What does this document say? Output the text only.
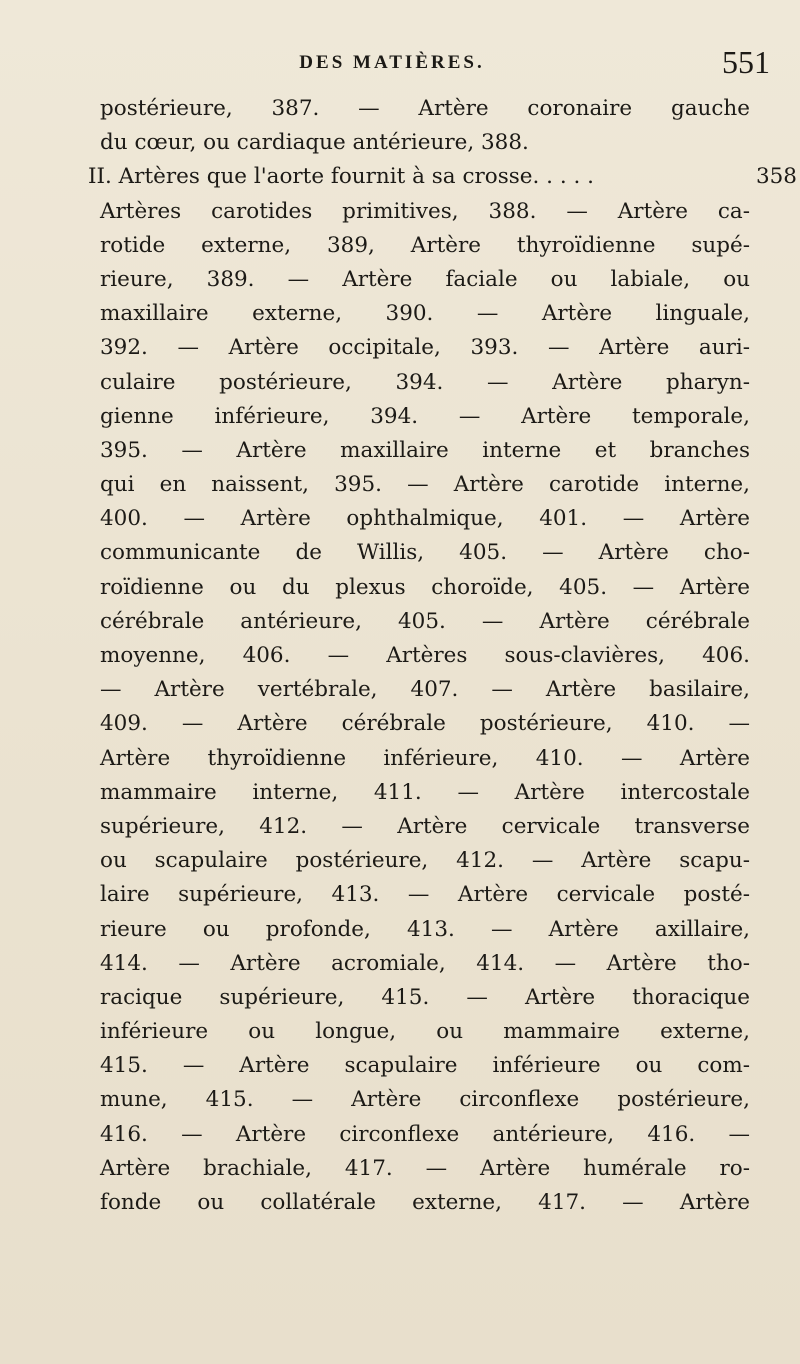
DES MATIÈRES.	551
postérieure, 387. — Artère coronaire gauche
du cœur, ou cardiaque antérieure, 388.
II. Artères que l'aorte fournit à sa crosse. . . . .	358
Artères carotides primitives, 388. — Artère ca-
rotide externe, 389, Artère thyroïdienne supé-
rieure, 389. — Artère faciale ou labiale, ou
maxillaire externe, 390. — Artère linguale,
392. — Artère occipitale, 393. — Artère auri-
culaire postérieure, 394. — Artère pharyn-
gienne inférieure, 394. — Artère temporale,
395. — Artère maxillaire interne et branches
qui en naissent, 395. — Artère carotide interne,
400. — Artère ophthalmique, 401. — Artère
communicante de Willis, 405. — Artère cho-
roïdienne ou du plexus choroïde, 405. — Artère
cérébrale antérieure, 405. — Artère cérébrale
moyenne, 406. — Artères sous-clavières, 406.
— Artère vertébrale, 407. — Artère basilaire,
409. — Artère cérébrale postérieure, 410. —
Artère thyroïdienne inférieure, 410. — Artère
mammaire interne, 411. — Artère intercostale
supérieure, 412. — Artère cervicale transverse
ou scapulaire postérieure, 412. — Artère scapu-
laire supérieure, 413. — Artère cervicale posté-
rieure ou profonde, 413. — Artère axillaire,
414. — Artère acromiale, 414. — Artère tho-
racique supérieure, 415. — Artère thoracique
inférieure ou longue, ou mammaire externe,
415. — Artère scapulaire inférieure ou com-
mune, 415. — Artère circonflexe postérieure,
416. — Artère circonflexe antérieure, 416. —
Artère brachiale, 417. — Artère humérale ro-
fonde ou collatérale externe, 417. — Artère
